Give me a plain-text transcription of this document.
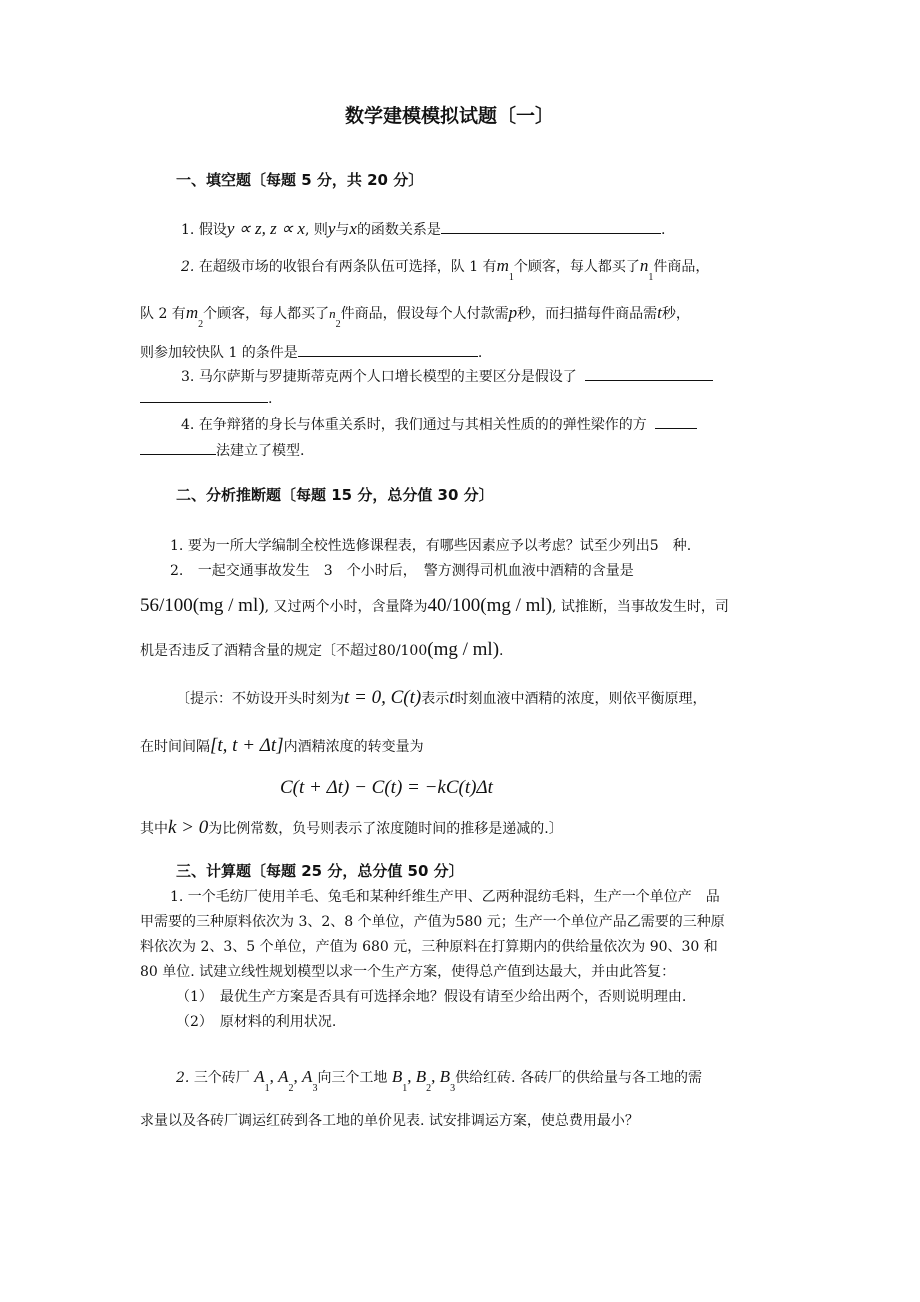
数学建模模拟试题〔一〕
一、填空题〔每题 5 分，共 20 分〕
1. 假设y ∝ z, z ∝ x, 则y与x的函数关系是	.
2. 在超级市场的收银台有两条队伍可选择，队 1 有$m_1$个顾客，每人都买了$n_1$件商品，
队 2 有$m_2$个顾客，每人都买了$n_2$件商品，假设每个人付款需p秒，而扫描每件商品需t秒，
则参加较快队 1 的条件是	.
3. 马尔萨斯与罗捷斯蒂克两个人口增长模型的主要区分是假设了
.
4. 在争辩猪的身长与体重关系时，我们通过与其相关性质的的弹性梁作的方
法建立了模型.
二、分析推断题〔每题 15 分，总分值 30 分〕
1. 要为一所大学编制全校性选修课程表，有哪些因素应予以考虑？试至少列出5　种.
2. 一起交通事故发生　3　个小时后，　警方测得司机血液中酒精的含量是
56/100(mg / ml), 又过两个小时，含量降为40/100(mg / ml), 试推断，当事故发生时，司
机是否违反了酒精含量的规定〔不超过80/100(mg / ml).
〔提示：不妨设开头时刻为t = 0, C(t)表示t时刻血液中酒精的浓度，则依平衡原理，
在时间间隔[t, t + Δt]内酒精浓度的转变量为
C(t + Δt) − C(t) = −kC(t)Δt
其中k > 0为比例常数，负号则表示了浓度随时间的推移是递减的.〕
三、计算题〔每题 25 分，总分值 50 分〕
1. 一个毛纺厂使用羊毛、兔毛和某种纤维生产甲、乙两种混纺毛料，生产一个单位产　品
甲需要的三种原料依次为 3、2、8 个单位，产值为580 元；生产一个单位产品乙需要的三种原
料依次为 2、3、5 个单位，产值为 680 元，三种原料在打算期内的供给量依次为 90、30 和
80 单位. 试建立线性规划模型以求一个生产方案，使得总产值到达最大，并由此答复：
（1）　最优生产方案是否具有可选择余地？假设有请至少给出两个，否则说明理由.
（2）　原材料的利用状况.
2. 三个砖厂 $A_1$, $A_2$, $A_3$向三个工地 $B_1$, $B_2$, $B_3$供给红砖. 各砖厂的供给量与各工地的需
求量以及各砖厂调运红砖到各工地的单价见表. 试安排调运方案，使总费用最小？
